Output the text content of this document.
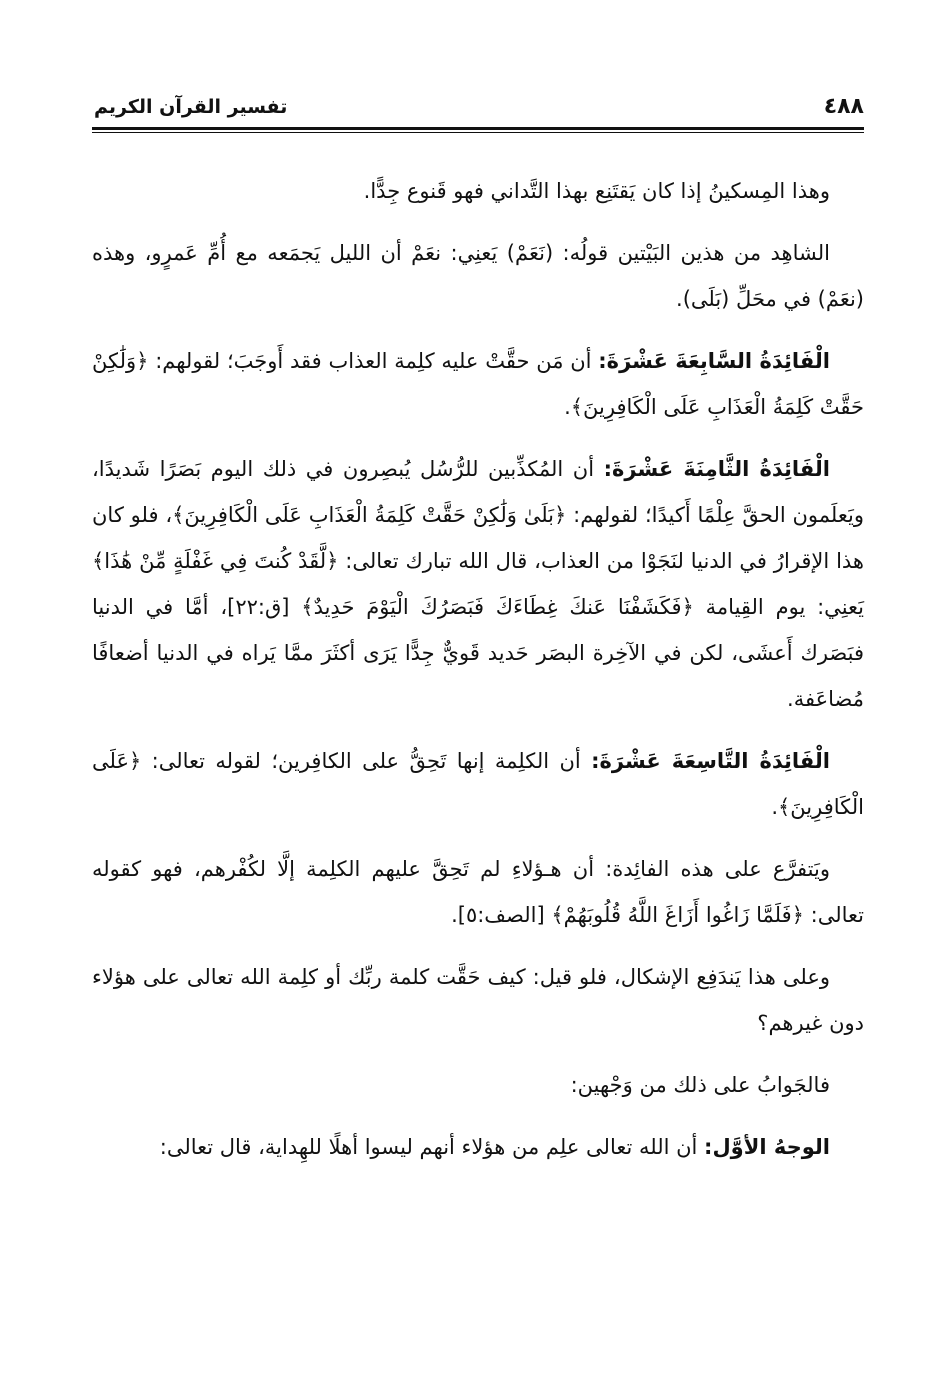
٤٨٨
تفسير القرآن الكريم

وهذا المِسكينُ إذا كان يَقتَنِع بهذا التَّداني فهو قَنوع جِدًّا.

الشاهِد من هذين البَيْتين قولُه: (نَعَمْ) يَعنِي: نعَمْ أن الليل يَجمَعه مع أُمِّ عَمرٍو، وهذه (نعَمْ) في محَلِّ (بَلَى).

الْفَائِدَةُ السَّابِعَةَ عَشْرَةَ: أن مَن حقَّتْ عليه كلِمة العذاب فقد أَوجَبَ؛ لقولهم: ﴿وَلَٰكِنْ حَقَّتْ كَلِمَةُ الْعَذَابِ عَلَى الْكَافِرِينَ﴾.

الْفَائِدَةُ الثَّامِنَةَ عَشْرَةَ: أن المُكذِّبين للرُّسُل يُبصِرون في ذلك اليوم بَصَرًا شَديدًا، ويَعلَمون الحقَّ عِلْمًا أَكيدًا؛ لقولهم: ﴿بَلَىٰ وَلَٰكِنْ حَقَّتْ كَلِمَةُ الْعَذَابِ عَلَى الْكَافِرِينَ﴾، فلو كان هذا الإقرارُ في الدنيا لنَجَوْا من العذاب، قال الله تبارك تعالى: ﴿لَّقَدْ كُنتَ فِي غَفْلَةٍ مِّنْ هَٰذَا﴾ يَعنِي: يوم القِيامة ﴿فَكَشَفْنَا عَنكَ غِطَاءَكَ فَبَصَرُكَ الْيَوْمَ حَدِيدٌ﴾ [ق:٢٢]، أمَّا في الدنيا فبَصَرك أَعشَى، لكن في الآخِرة البصَر حَديد قَويٌّ جِدًّا يَرَى أكثَرَ ممَّا يَراه في الدنيا أضعافًا مُضاعَفة.

الْفَائِدَةُ التَّاسِعَةَ عَشْرَةَ: أن الكلِمة إنها تَحِقُّ على الكافِرين؛ لقوله تعالى: ﴿عَلَى الْكَافِرِينَ﴾.

ويَتفرَّع على هذه الفائِدة: أن هـؤلاءِ لم تَحِقَّ عليهم الكلِمة إلَّا لكُفْرهم، فهو كقوله تعالى: ﴿فَلَمَّا زَاغُوا أَزَاغَ اللَّهُ قُلُوبَهُمْ﴾ [الصف:٥].

وعلى هذا يَندَفِع الإشكال، فلو قيل: كيف حَقَّت كلمة ربِّك أو كلِمة الله تعالى على هؤلاء دون غيرهم؟

فالجَوابُ على ذلك من وَجْهين:

الوجهُ الأوَّل: أن الله تعالى علِم من هؤلاء أنهم ليسوا أهلًا للهِداية، قال تعالى:
